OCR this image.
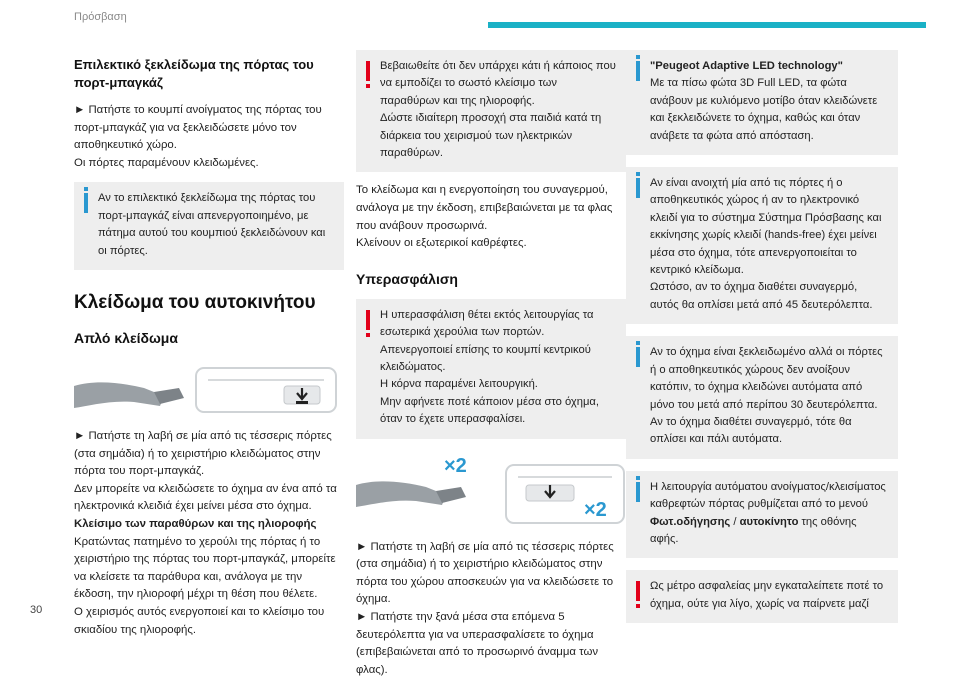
Πρόσβαση
30
Επιλεκτικό ξεκλείδωμα της πόρτας του πορτ-μπαγκάζ

► Πατήστε το κουμπί ανοίγματος της πόρτας του πορτ-μπαγκάζ για να ξεκλειδώσετε μόνο τον αποθηκευτικό χώρο.

Οι πόρτες παραμένουν κλειδωμένες.

Αν το επιλεκτικό ξεκλείδωμα της πόρτας του πορτ-μπαγκάζ είναι απενεργοποιημένο, με πάτημα αυτού του κουμπιού ξεκλειδώνουν και οι πόρτες.

Κλείδωμα του αυτοκινήτου
Απλό κλείδωμα

► Πατήστε τη λαβή σε μία από τις τέσσερις πόρτες (στα σημάδια) ή το χειριστήριο κλειδώματος στην πόρτα του πορτ-μπαγκάζ.

Δεν μπορείτε να κλειδώσετε το όχημα αν ένα από τα ηλεκτρονικά κλειδιά έχει μείνει μέσα στο όχημα.

Κλείσιμο των παραθύρων και της ηλιοροφής

Κρατώντας πατημένο το χερούλι της πόρτας ή το χειριστήριο της πόρτας του πορτ-μπαγκάζ, μπορείτε να κλείσετε τα παράθυρα και, ανάλογα με την έκδοση, την ηλιοροφή μέχρι τη θέση που θέλετε.

Ο χειρισμός αυτός ενεργοποιεί και το κλείσιμο του σκιαδίου της ηλιοροφής.

Βεβαιωθείτε ότι δεν υπάρχει κάτι ή κάποιος που να εμποδίζει το σωστό κλείσιμο των παραθύρων και της ηλιοροφής.

Δώστε ιδιαίτερη προσοχή στα παιδιά κατά τη διάρκεια του χειρισμού των ηλεκτρικών παραθύρων.

Το κλείδωμα και η ενεργοποίηση του συναγερμού, ανάλογα με την έκδοση, επιβεβαιώνεται με τα φλας που ανάβουν προσωρινά.

Κλείνουν οι εξωτερικοί καθρέφτες.

Υπερασφάλιση

Η υπερασφάλιση θέτει εκτός λειτουργίας τα εσωτερικά χερούλια των πορτών.

Απενεργοποιεί επίσης το κουμπί κεντρικού κλειδώματος.

Η κόρνα παραμένει λειτουργική.

Μην αφήνετε ποτέ κάποιον μέσα στο όχημα, όταν το έχετε υπερασφαλίσει.

×2
×2

► Πατήστε τη λαβή σε μία από τις τέσσερις πόρτες (στα σημάδια) ή το χειριστήριο κλειδώματος στην πόρτα του χώρου αποσκευών για να κλειδώσετε το όχημα.

► Πατήστε την ξανά μέσα στα επόμενα 5 δευτερόλεπτα για να υπερασφαλίσετε το όχημα (επιβεβαιώνεται από το προσωρινό άναμμα των φλας).

"Peugeot Adaptive LED technology"

Με τα πίσω φώτα 3D Full LED, τα φώτα ανάβουν με κυλιόμενο μοτίβο όταν κλειδώνετε και ξεκλειδώνετε το όχημα, καθώς και όταν ανάβετε τα φώτα από απόσταση.

Αν είναι ανοιχτή μία από τις πόρτες ή ο αποθηκευτικός χώρος ή αν το ηλεκτρονικό κλειδί για το σύστημα Σύστημα Πρόσβασης και εκκίνησης χωρίς κλειδί (hands-free) έχει μείνει μέσα στο όχημα, τότε απενεργοποιείται το κεντρικό κλείδωμα.

Ωστόσο, αν το όχημα διαθέτει συναγερμό, αυτός θα οπλίσει μετά από 45 δευτερόλεπτα.

Αν το όχημα είναι ξεκλειδωμένο αλλά οι πόρτες ή ο αποθηκευτικός χώρους δεν ανοίξουν κατόπιν, το όχημα κλειδώνει αυτόματα από μόνο του μετά από περίπου 30 δευτερόλεπτα. Αν το όχημα διαθέτει συναγερμό, τότε θα οπλίσει και πάλι αυτόματα.

Η λειτουργία αυτόματου ανοίγματος/κλεισίματος καθρεφτών πόρτας ρυθμίζεται από το μενού Φωτ.οδήγησης / αυτοκίνητο της οθόνης αφής.

Ως μέτρο ασφαλείας μην εγκαταλείπετε ποτέ το όχημα, ούτε για λίγο, χωρίς να παίρνετε μαζί
